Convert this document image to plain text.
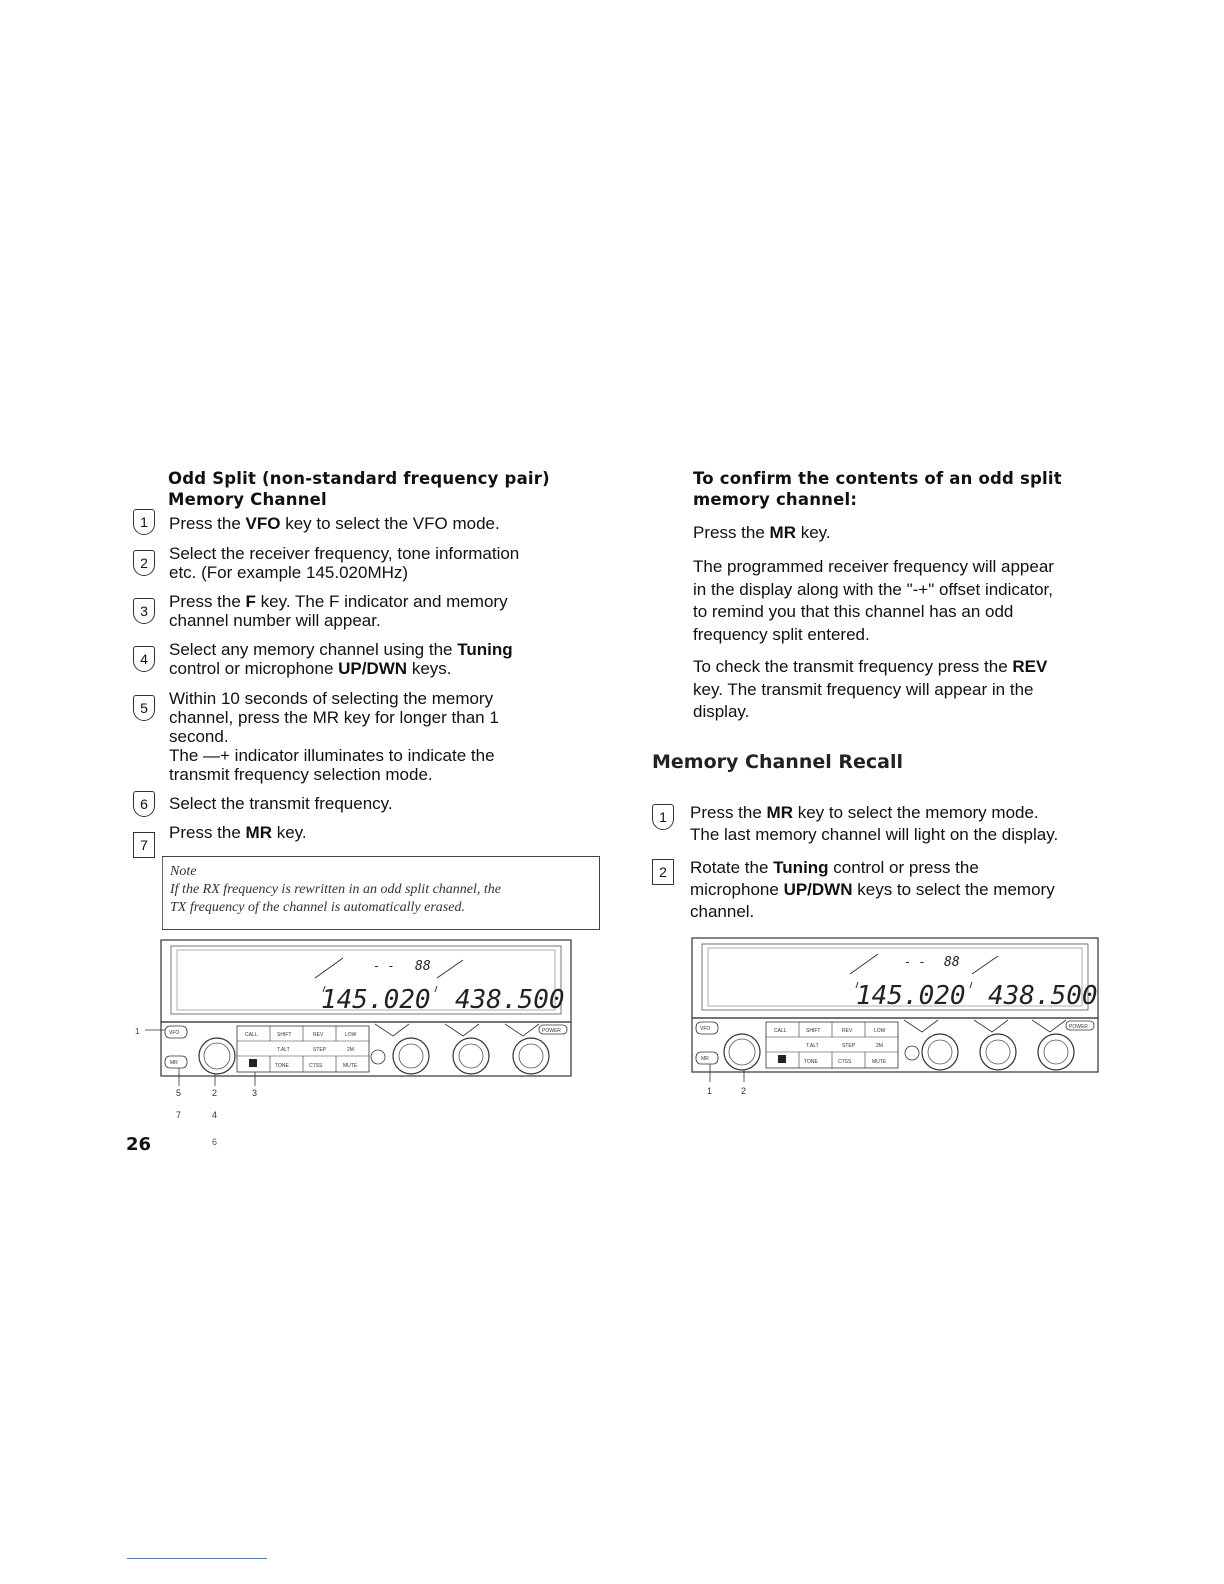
Odd Split (non-standard frequency pair)
Memory Channel
1	Press the VFO key to select the VFO mode.
2	Select the receiver frequency, tone information
etc. (For example 145.020MHz)
3	Press the F key. The F indicator and memory
channel number will appear.
4	Select any memory channel using the Tuning
control or microphone UP/DWN keys.
5	Within 10 seconds of selecting the memory
channel, press the MR key for longer than 1
second.
The —+ indicator illuminates to indicate the
transmit frequency selection mode.
6	Select the transmit frequency.
7
Press the MR key.
Note
If the RX frequency is rewritten in an odd split channel, the
TX frequency of the channel is automatically erased.
88
- -
145.020 438.500
VFO
MR
CALL	SHIFT	REV	LOW
T.ALT	STEP	2M
TONE	CTSS	MUTE
POWER
1
5	2	3
7	4
6
26
To confirm the contents of an odd split
memory channel:
Press the MR key.
The programmed receiver frequency will appear
in the display along with the "-+" offset indicator,
to remind you that this channel has an odd
frequency split entered.
To check the transmit frequency press the REV
key. The transmit frequency will appear in the
display.
Memory Channel Recall
1	Press the MR key to select the memory mode.
The last memory channel will light on the display.
2	Rotate the Tuning control or press the
microphone UP/DWN keys to select the memory
channel.
88
- -
145.020 438.500
VFO
MR
CALL	SHIFT	REV	LOW
T.ALT	STEP	2M
TONE	CTSS	MUTE
POWER
1	2
